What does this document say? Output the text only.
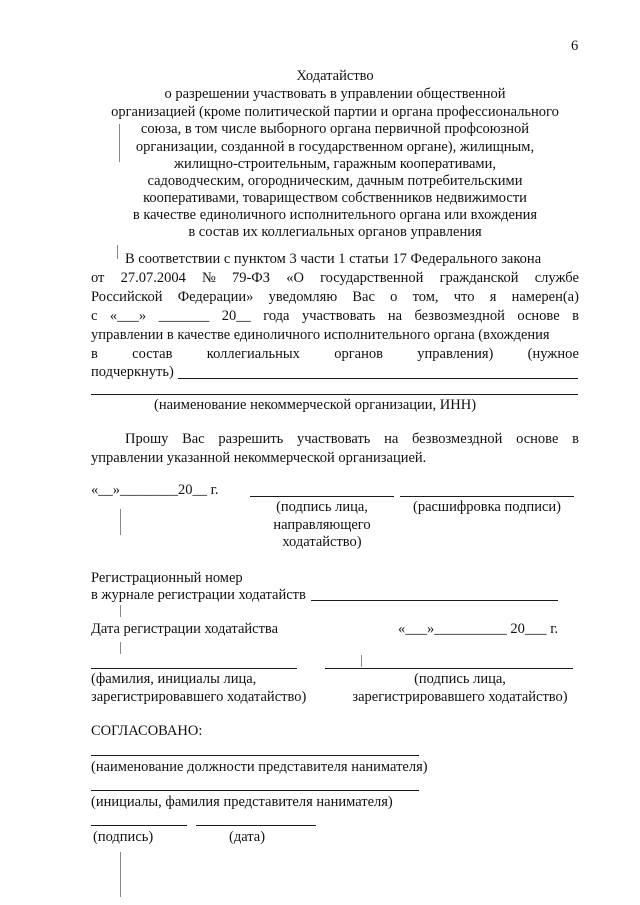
6
Ходатайство
о разрешении участвовать в управлении общественной
организацией (кроме политической партии и органа профессионального
союза, в том числе выборного органа первичной профсоюзной
организации, созданной в государственном органе), жилищным,
жилищно-строительным, гаражным кооперативами,
садоводческим, огородническим, дачным потребительскими
кооперативами, товариществом собственников недвижимости
в качестве единоличного исполнительного органа или вхождения
в состав их коллегиальных органов управления
В соответствии с пунктом 3 части 1 статьи 17 Федерального закона
от 27.07.2004 № 79-ФЗ «О государственной гражданской службе
Российской Федерации» уведомляю Вас о том, что я намерен(а)
с «___» _______ 20__ года участвовать на безвозмездной основе в
управлении в качестве единоличного исполнительного органа (вхождения
в состав коллегиальных органов управления) (нужное
подчеркнуть)
(наименование некоммерческой организации, ИНН)
Прошу Вас разрешить участвовать на безвозмездной основе в
управлении указанной некоммерческой организацией.
«__»________20__ г.
(подпись лица,
направляющего
ходатайство)
(расшифровка подписи)
Регистрационный номер
в журнале регистрации ходатайств
Дата регистрации ходатайства	«___»__________ 20___ г.
(фамилия, инициалы лица,
зарегистрировавшего ходатайство)
(подпись лица,
зарегистрировавшего ходатайство)
СОГЛАСОВАНО:
(наименование должности представителя нанимателя)
(инициалы, фамилия представителя нанимателя)
(подпись)	(дата)
